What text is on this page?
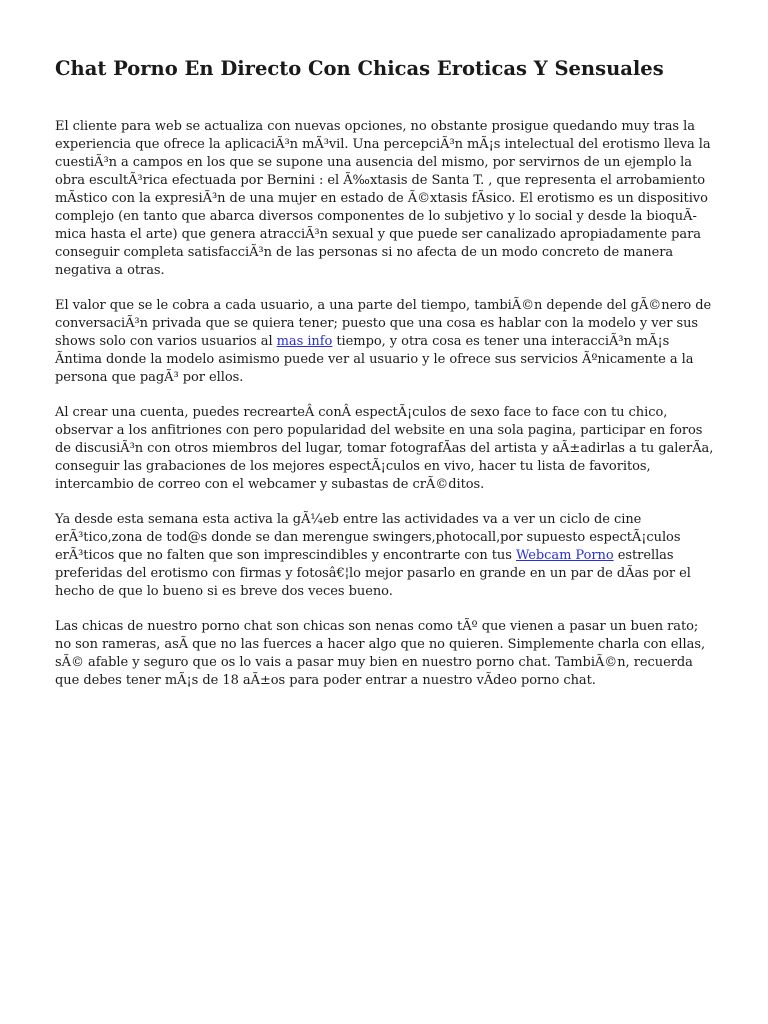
Chat Porno En Directo Con Chicas Eroticas Y Sensuales

El cliente para web se actualiza con nuevas opciones, no obstante prosigue quedando muy tras la experiencia que ofrece la aplicaciÃ³n mÃ³vil. Una percepciÃ³n mÃ¡s intelectual del erotismo lleva la cuestiÃ³n a campos en los que se supone una ausencia del mismo, por servirnos de un ejemplo la obra escultÃ³rica efectuada por Bernini : el Ã‰xtasis de Santa T. , que representa el arrobamiento mÃstico con la expresiÃ³n de una mujer en estado de Ã©xtasis fÃsico. El erotismo es un dispositivo complejo (en tanto que abarca diversos componentes de lo subjetivo y lo social y desde la bioquÃmica hasta el arte) que genera atracciÃ³n sexual y que puede ser canalizado apropiadamente para conseguir completa satisfacciÃ³n de las personas si no afecta de un modo concreto de manera negativa a otras.

El valor que se le cobra a cada usuario, a una parte del tiempo, tambiÃ©n depende del gÃ©nero de conversaciÃ³n privada que se quiera tener; puesto que una cosa es hablar con la modelo y ver sus shows solo con varios usuarios al mas info tiempo, y otra cosa es tener una interacciÃ³n mÃ¡s Ãntima donde la modelo asimismo puede ver al usuario y le ofrece sus servicios Ãºnicamente a la persona que pagÃ³ por ellos.

Al crear una cuenta, puedes recrearteÂ conÂ espectÃ¡culos de sexo face to face con tu chico, observar a los anfitriones con pero popularidad del website en una sola pagina, participar en foros de discusiÃ³n con otros miembros del lugar, tomar fotografÃas del artista y aÃ±adirlas a tu galerÃa, conseguir las grabaciones de los mejores espectÃ¡culos en vivo, hacer tu lista de favoritos, intercambio de correo con el webcamer y subastas de crÃ©ditos.

Ya desde esta semana esta activa la gÃ¼eb entre las actividades va a ver un ciclo de cine erÃ³tico,zona de tod@s donde se dan merengue swingers,photocall,por supuesto espectÃ¡culos erÃ³ticos que no falten que son imprescindibles y encontrarte con tus Webcam Porno estrellas preferidas del erotismo con firmas y fotosâ€¦lo mejor pasarlo en grande en un par de dÃas por el hecho de que lo bueno si es breve dos veces bueno.

Las chicas de nuestro porno chat son chicas son nenas como tÃº que vienen a pasar un buen rato; no son rameras, asÃ que no las fuerces a hacer algo que no quieren. Simplemente charla con ellas, sÃ© afable y seguro que os lo vais a pasar muy bien en nuestro porno chat. TambiÃ©n, recuerda que debes tener mÃ¡s de 18 aÃ±os para poder entrar a nuestro vÃdeo porno chat.
